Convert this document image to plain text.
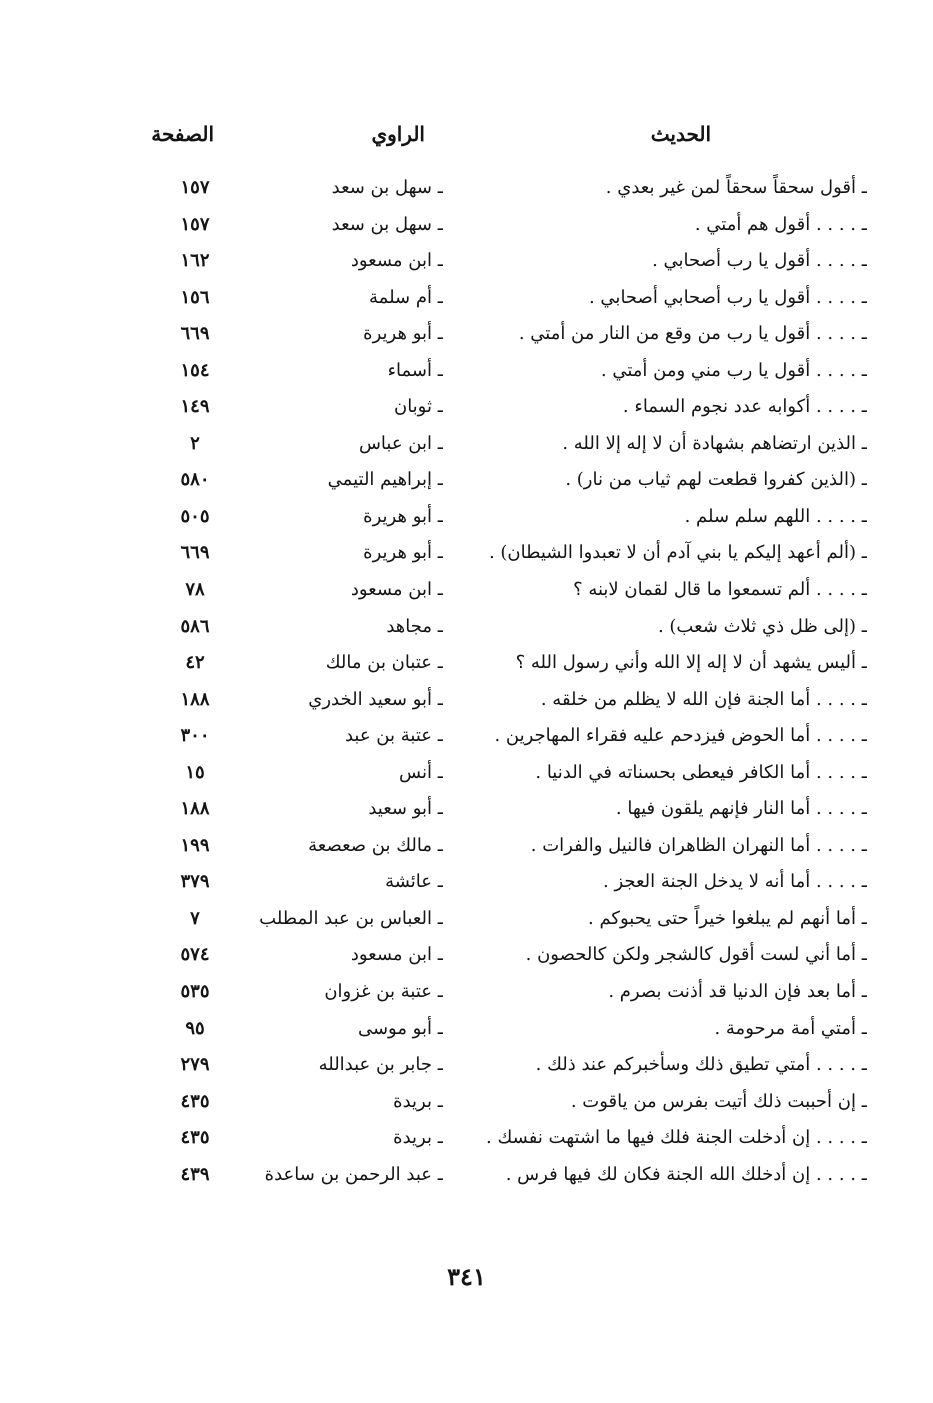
الحديث
الراوي
الصفحة
ـ أقول سحقاً سحقاً لمن غير بعدي .
ـ سهل بن سعد
١٥٧
ـ . . . . أقول هم أمتي .
ـ سهل بن سعد
١٥٧
ـ . . . . أقول يا رب أصحابي .
ـ ابن مسعود
١٦٢
ـ . . . . أقول يا رب أصحابي أصحابي .
ـ أم سلمة
١٥٦
ـ . . . . أقول يا رب من وقع من النار من أمتي .
ـ أبو هريرة
٦٦٩
ـ . . . . أقول يا رب مني ومن أمتي .
ـ أسماء
١٥٤
ـ . . . . أكوابه عدد نجوم السماء .
ـ ثوبان
١٤٩
ـ الذين ارتضاهم بشهادة أن لا إله إلا الله .
ـ ابن عباس
٢
ـ (الذين كفروا قطعت لهم ثياب من نار) .
ـ إبراهيم التيمي
٥٨٠
ـ . . . . اللهم سلم سلم .
ـ أبو هريرة
٥٠٥
ـ (ألم أعهد إليكم يا بني آدم أن لا تعبدوا الشيطان) .
ـ أبو هريرة
٦٦٩
ـ . . . . ألم تسمعوا ما قال لقمان لابنه ؟
ـ ابن مسعود
٧٨
ـ (إلى ظل ذي ثلاث شعب) .
ـ مجاهد
٥٨٦
ـ أليس يشهد أن لا إله إلا الله وأني رسول الله ؟
ـ عتبان بن مالك
٤٢
ـ . . . . أما الجنة فإن الله لا يظلم من خلقه .
ـ أبو سعيد الخدري
١٨٨
ـ . . . . أما الحوض فيزدحم عليه فقراء المهاجرين .
ـ عتبة بن عبد
٣٠٠
ـ . . . . أما الكافر فيعطى بحسناته في الدنيا .
ـ أنس
١٥
ـ . . . . أما النار فإنهم يلقون فيها .
ـ أبو سعيد
١٨٨
ـ . . . . أما النهران الظاهران فالنيل والفرات .
ـ مالك بن صعصعة
١٩٩
ـ . . . . أما أنه لا يدخل الجنة العجز .
ـ عائشة
٣٧٩
ـ أما أنهم لم يبلغوا خيراً حتى يحبوكم .
ـ العباس بن عبد المطلب
٧
ـ أما أني لست أقول كالشجر ولكن كالحصون .
ـ ابن مسعود
٥٧٤
ـ أما بعد فإن الدنيا قد أذنت بصرم .
ـ عتبة بن غزوان
٥٣٥
ـ أمتي أمة مرحومة .
ـ أبو موسى
٩٥
ـ . . . . أمتي تطيق ذلك وسأخبركم عند ذلك .
ـ جابر بن عبدالله
٢٧٩
ـ إن أحببت ذلك أتيت بفرس من ياقوت .
ـ بريدة
٤٣٥
ـ . . . . إن أدخلت الجنة فلك فيها ما اشتهت نفسك .
ـ بريدة
٤٣٥
ـ . . . . إن أدخلك الله الجنة فكان لك فيها فرس .
ـ عبد الرحمن بن ساعدة
٤٣٩
٣٤١
